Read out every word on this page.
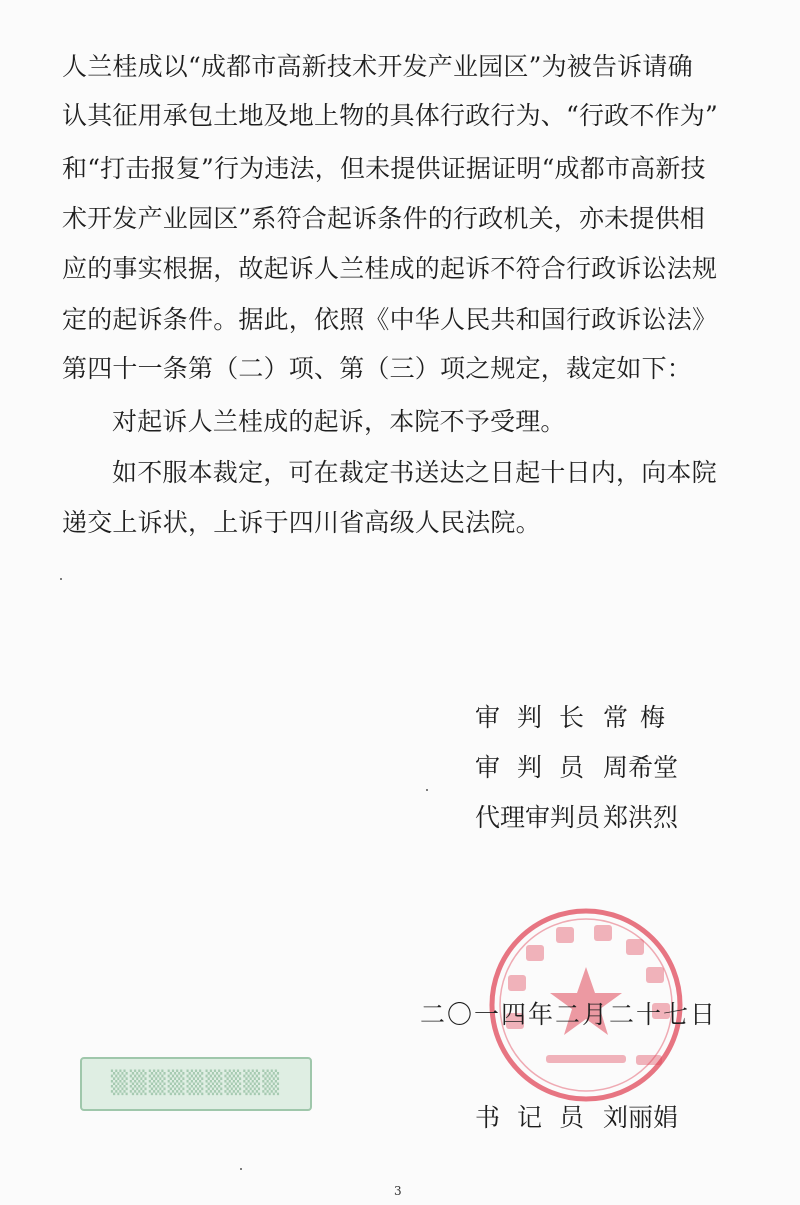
人兰桂成以“成都市高新技术开发产业园区”为被告诉请确
认其征用承包土地及地上物的具体行政行为、“行政不作为”
和“打击报复”行为违法，但未提供证据证明“成都市高新技
术开发产业园区”系符合起诉条件的行政机关，亦未提供相
应的事实根据，故起诉人兰桂成的起诉不符合行政诉讼法规
定的起诉条件。据此，依照《中华人民共和国行政诉讼法》
第四十一条第（二）项、第（三）项之规定，裁定如下：
对起诉人兰桂成的起诉，本院不予受理。
如不服本裁定，可在裁定书送达之日起十日内，向本院
递交上诉状，上诉于四川省高级人民法院。
审判长常梅
审判员周希堂
代理审判员 郑洪烈
二〇一四年二月二十七日
▒▒▒▒▒▒▒▒▒
书记员刘丽娟
3
